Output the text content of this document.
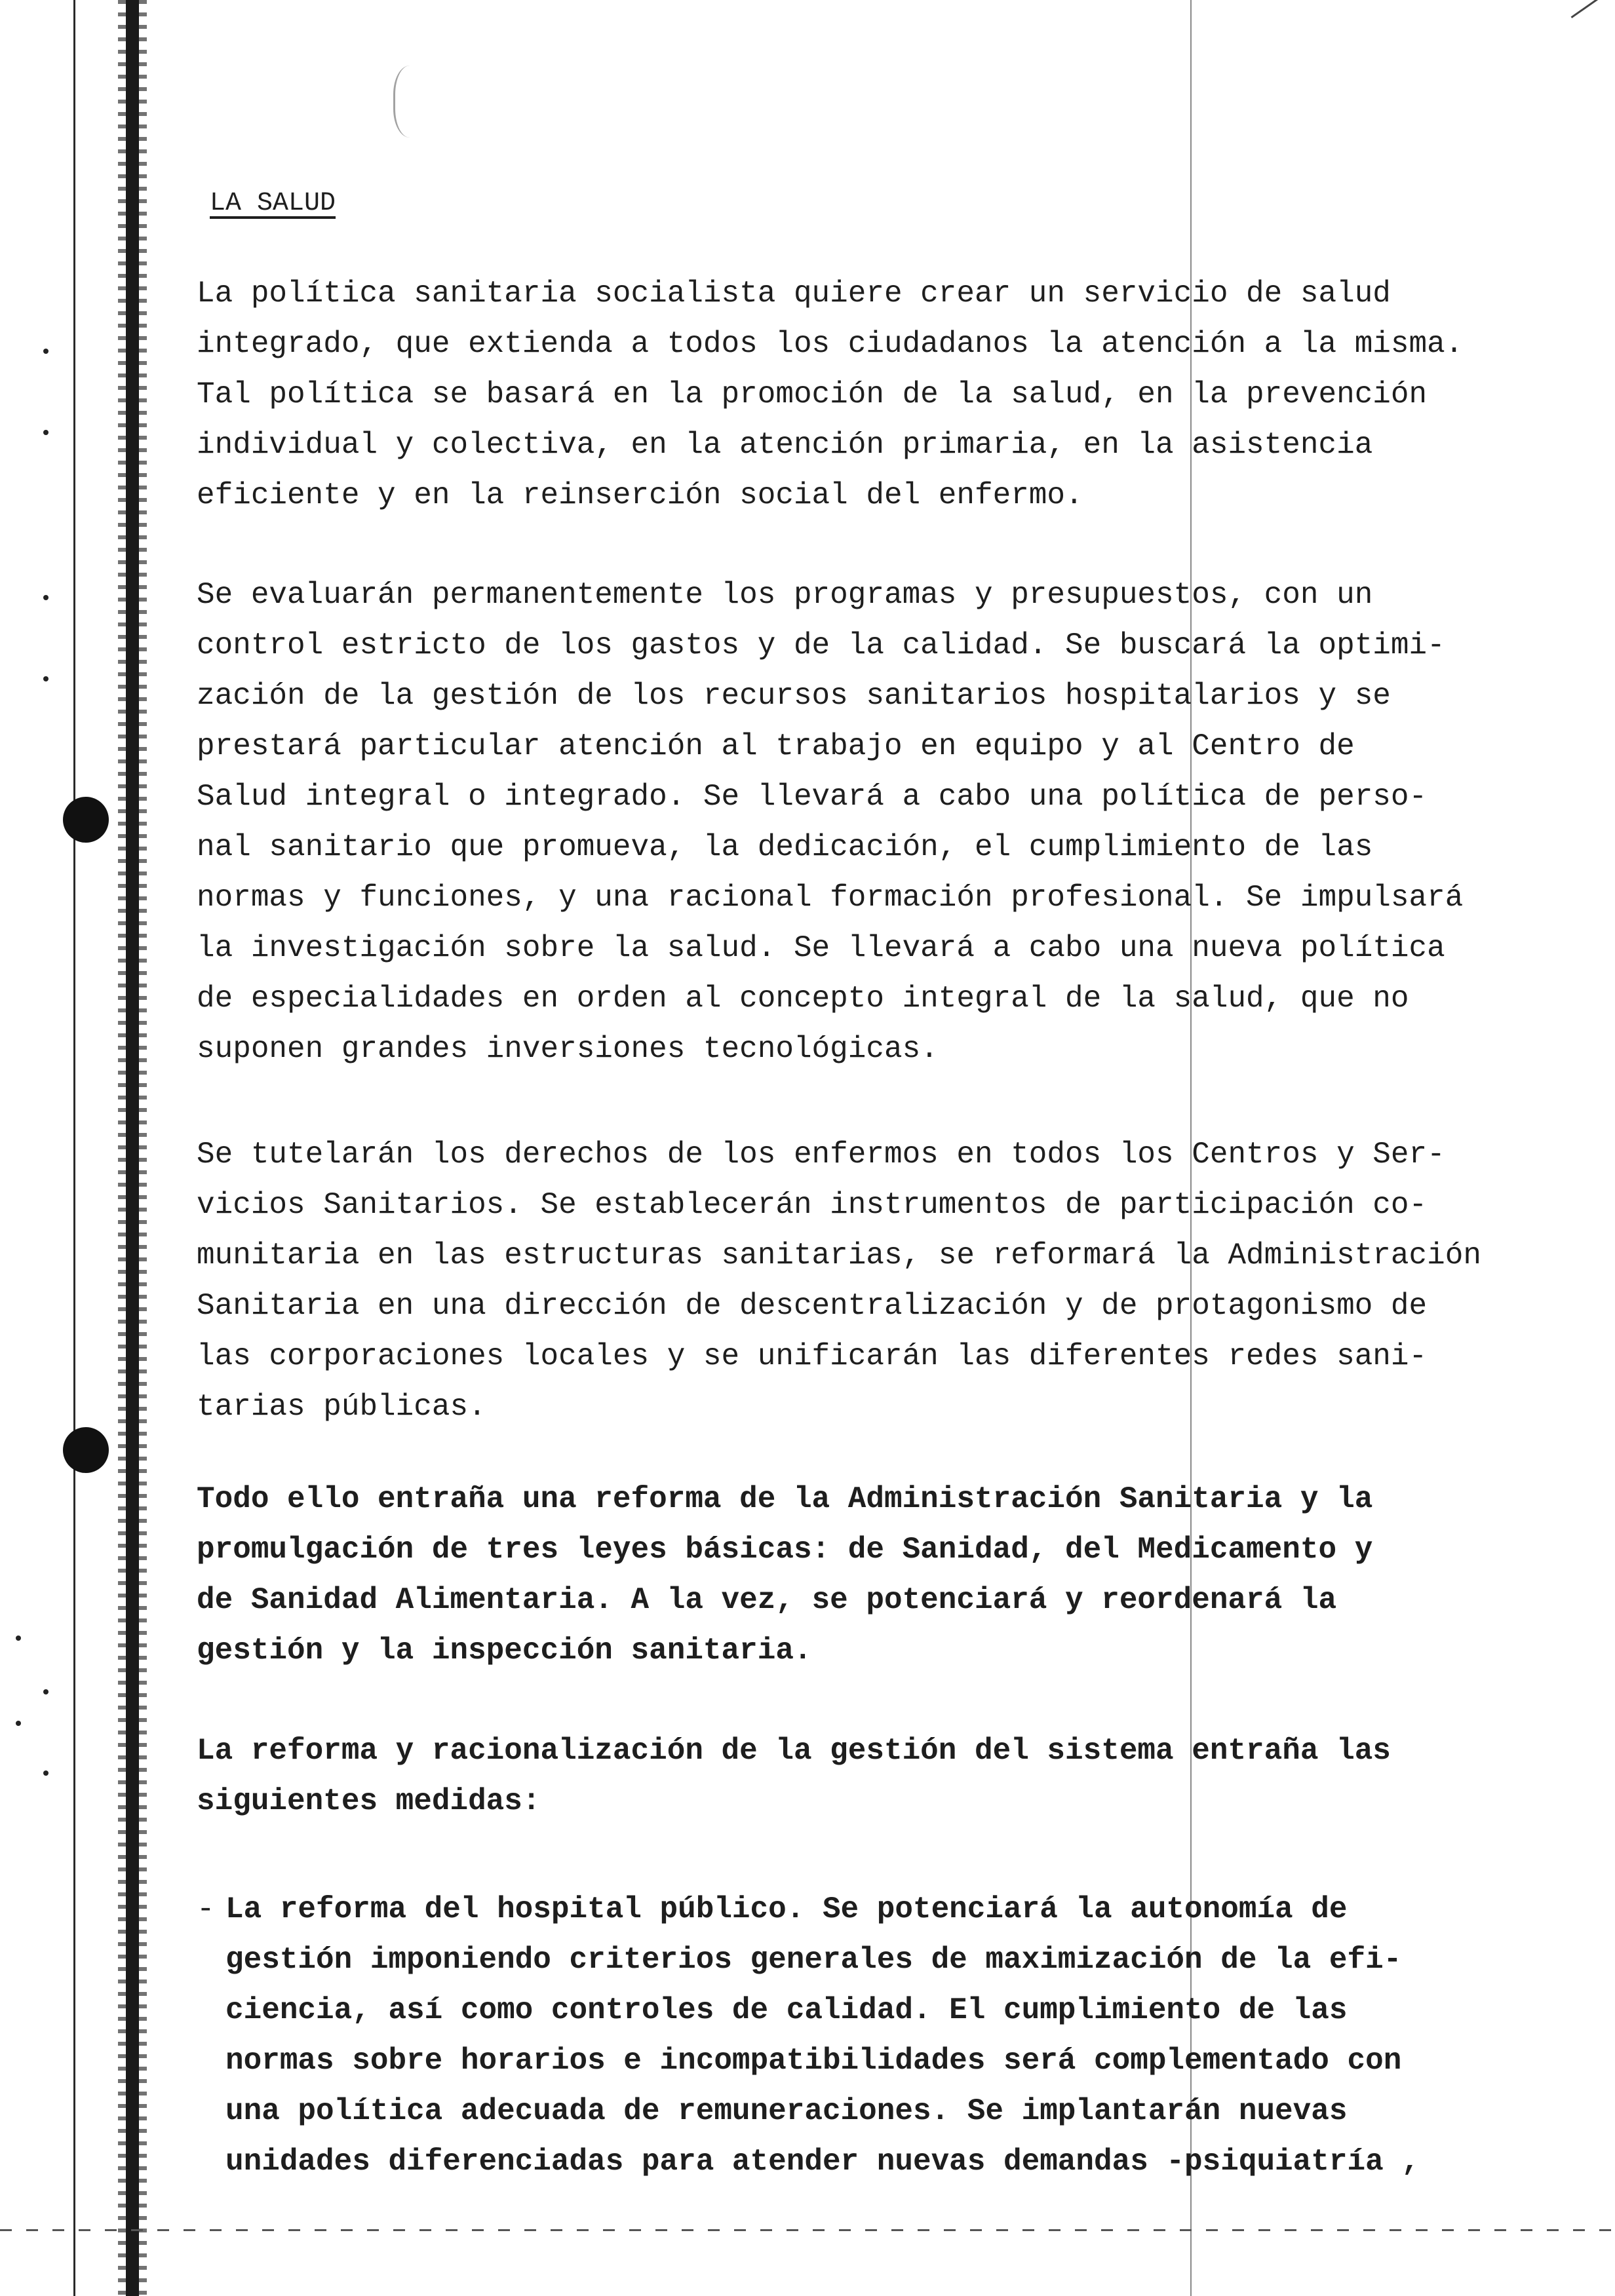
LA SALUD
La política sanitaria socialista quiere crear un servicio de salud
integrado, que extienda a todos los ciudadanos la atención a la misma.
Tal política se basará en la promoción de la salud, en la prevención
individual y colectiva, en la atención primaria, en la asistencia
eficiente y en la reinserción social del enfermo.
Se evaluarán permanentemente los programas y presupuestos, con un
control estricto de los gastos y de la calidad. Se buscará la optimi-
zación de la gestión de los recursos sanitarios hospitalarios y se
prestará particular atención al trabajo en equipo y al Centro de
Salud integral o integrado. Se llevará a cabo una política de perso-
nal sanitario que promueva, la dedicación, el cumplimiento de las
normas y funciones, y una racional formación profesional. Se impulsará
la investigación sobre la salud. Se llevará a cabo una nueva política
de especialidades en orden al concepto integral de la salud, que no
suponen grandes inversiones tecnológicas.
Se tutelarán los derechos de los enfermos en todos los Centros y Ser-
vicios Sanitarios. Se establecerán instrumentos de participación co-
munitaria en las estructuras sanitarias, se reformará la Administración
Sanitaria en una dirección de descentralización y de protagonismo de
las corporaciones locales y se unificarán las diferentes redes sani-
tarias públicas.
Todo ello entraña una reforma de la Administración Sanitaria y la
promulgación de tres leyes básicas: de Sanidad, del Medicamento y
de Sanidad Alimentaria. A la vez, se potenciará y reordenará la
gestión y la inspección sanitaria.
La reforma y racionalización de la gestión del sistema entraña las
siguientes medidas:
- La reforma del hospital público. Se potenciará la autonomía de
gestión imponiendo criterios generales de maximización de la efi-
ciencia, así como controles de calidad. El cumplimiento de las
normas sobre horarios e incompatibilidades será complementado con
una política adecuada de remuneraciones. Se implantarán nuevas
unidades diferenciadas para atender nuevas demandas -psiquiatría ,
